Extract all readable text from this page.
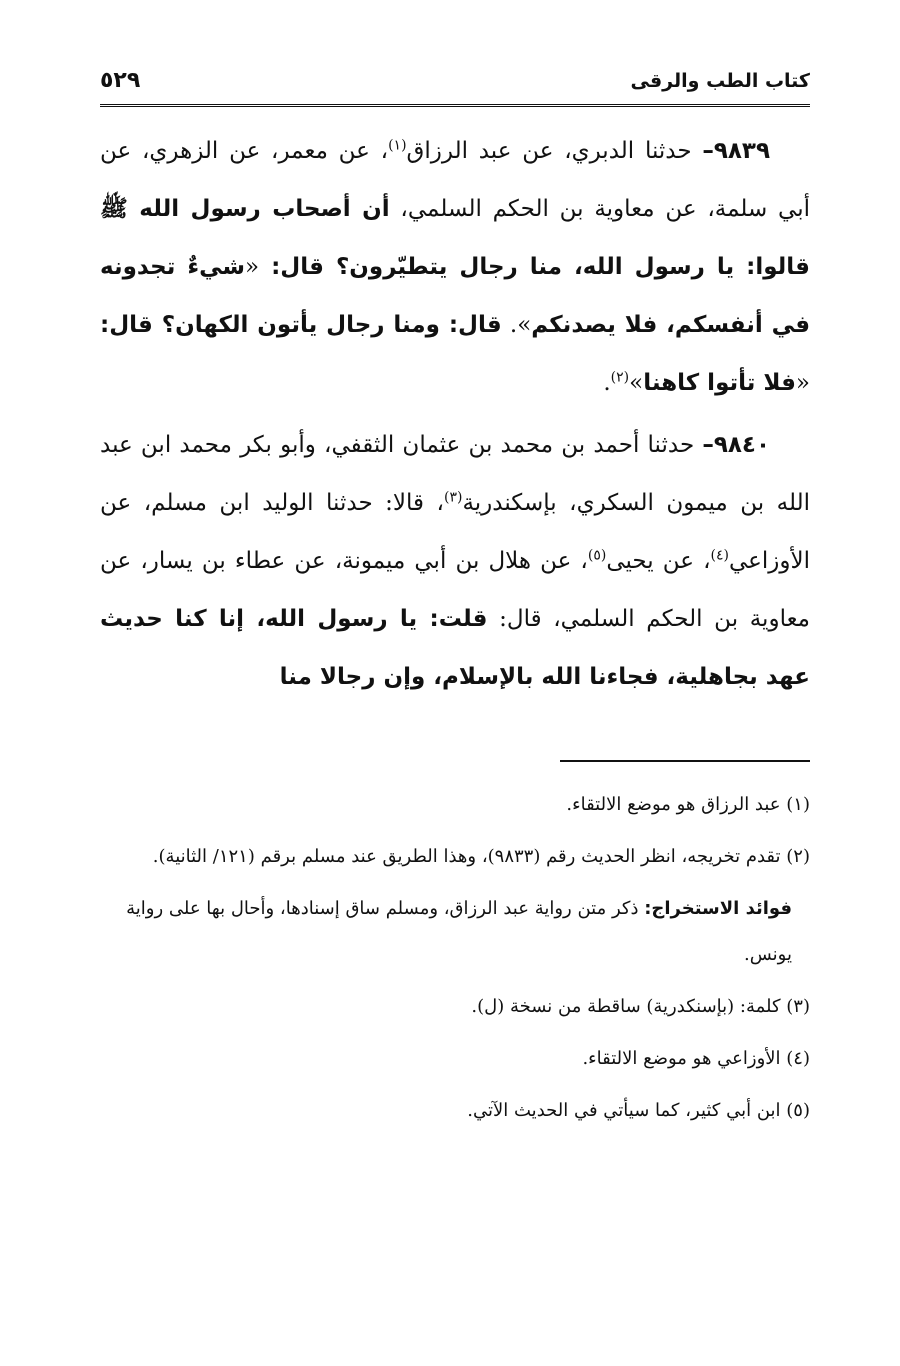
كتاب الطب والرقى
٥٢٩

٩٨٣٩– حدثنا الدبري، عن عبد الرزاق$^{(١)}$، عن معمر، عن الزهري، عن أبي سلمة، عن معاوية بن الحكم السلمي، أن أصحاب رسول الله ﷺ قالوا: يا رسول الله، منا رجال يتطيّرون؟ قال: «شيءٌ تجدونه في أنفسكم، فلا يصدنكم». قال: ومنا رجال يأتون الكهان؟ قال: «فلا تأتوا كاهنا»$^{(٢)}$.

٩٨٤٠– حدثنا أحمد بن محمد بن عثمان الثقفي، وأبو بكر محمد ابن عبد الله بن ميمون السكري، بإسكندرية$^{(٣)}$، قالا: حدثنا الوليد ابن مسلم، عن الأوزاعي$^{(٤)}$، عن يحيى$^{(٥)}$، عن هلال بن أبي ميمونة، عن عطاء بن يسار، عن معاوية بن الحكم السلمي، قال: قلت: يا رسول الله، إنا كنا حديث عهد بجاهلية، فجاءنا الله بالإسلام، وإن رجالا منا

(١) عبد الرزاق هو موضع الالتقاء.
(٢) تقدم تخريجه، انظر الحديث رقم (٩٨٣٣)، وهذا الطريق عند مسلم برقم (١٢١/ الثانية).
فوائد الاستخراج: ذكر متن رواية عبد الرزاق، ومسلم ساق إسنادها، وأحال بها على رواية يونس.
(٣) كلمة: (بإسنكدرية) ساقطة من نسخة (ل).
(٤) الأوزاعي هو موضع الالتقاء.
(٥) ابن أبي كثير، كما سيأتي في الحديث الآتي.
